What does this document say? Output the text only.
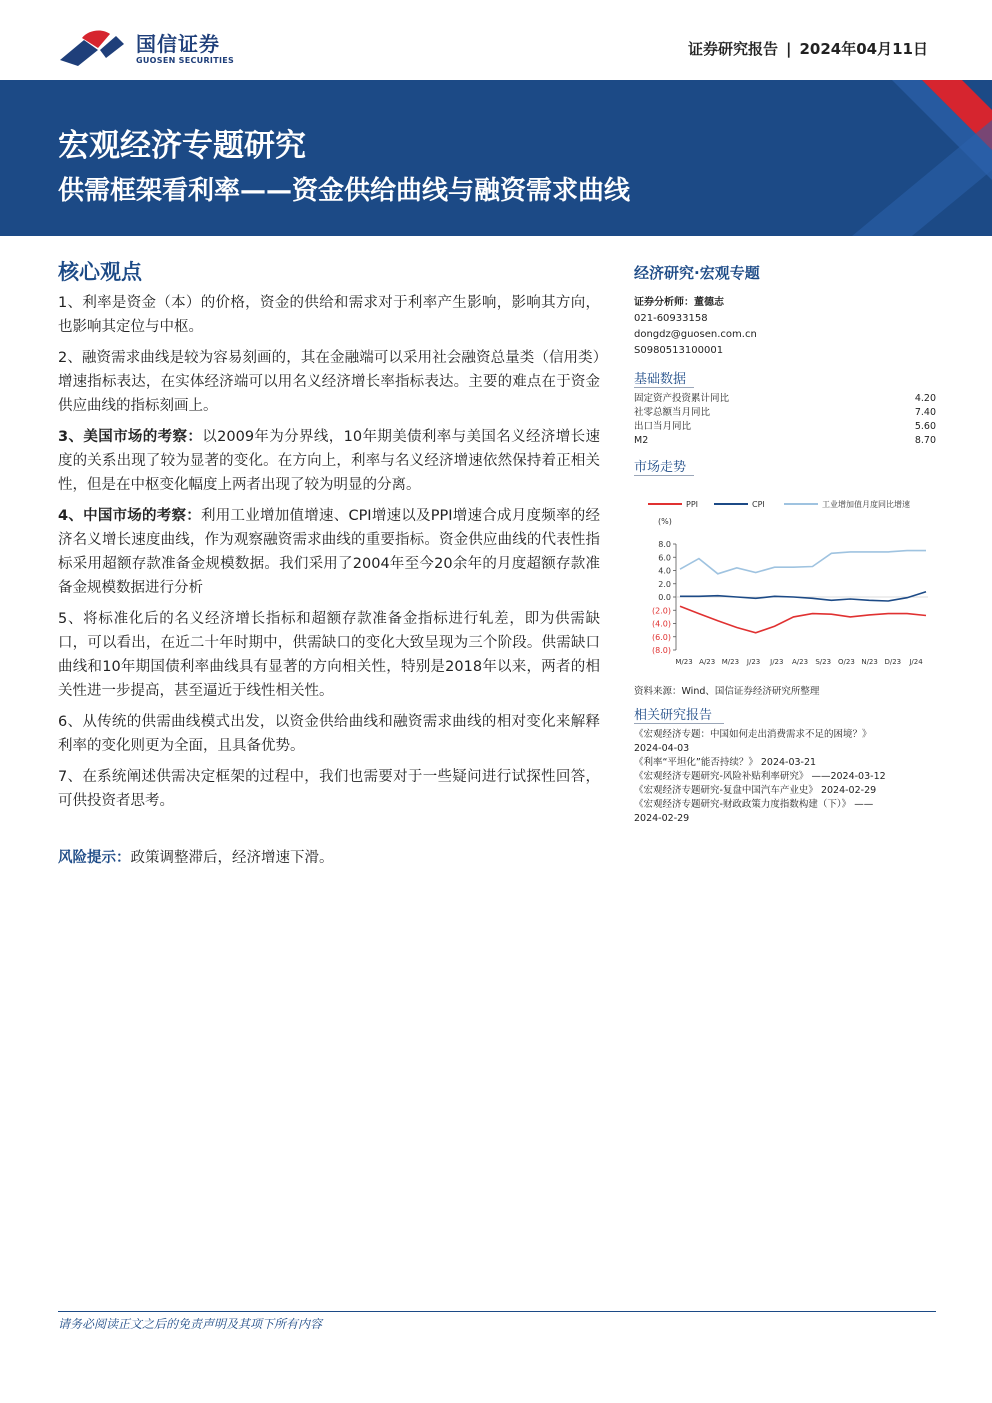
国信证券
GUOSEN SECURITIES
证券研究报告 | 2024年04月11日
宏观经济专题研究
供需框架看利率——资金供给曲线与融资需求曲线
核心观点
1、利率是资金（本）的价格，资金的供给和需求对于利率产生影响，影响其方向，也影响其定位与中枢。
2、融资需求曲线是较为容易刻画的，其在金融端可以采用社会融资总量类（信用类）增速指标表达，在实体经济端可以用名义经济增长率指标表达。主要的难点在于资金供应曲线的指标刻画上。
3、美国市场的考察：以2009年为分界线，10年期美债利率与美国名义经济增长速度的关系出现了较为显著的变化。在方向上，利率与名义经济增速依然保持着正相关性，但是在中枢变化幅度上两者出现了较为明显的分离。
4、中国市场的考察：利用工业增加值增速、CPI增速以及PPI增速合成月度频率的经济名义增长速度曲线，作为观察融资需求曲线的重要指标。资金供应曲线的代表性指标采用超额存款准备金规模数据。我们采用了2004年至今20余年的月度超额存款准备金规模数据进行分析
5、将标准化后的名义经济增长指标和超额存款准备金指标进行轧差，即为供需缺口，可以看出，在近二十年时期中，供需缺口的变化大致呈现为三个阶段。供需缺口曲线和10年期国债利率曲线具有显著的方向相关性，特别是2018年以来，两者的相关性进一步提高，甚至逼近于线性相关性。
6、从传统的供需曲线模式出发，以资金供给曲线和融资需求曲线的相对变化来解释利率的变化则更为全面，且具备优势。
7、在系统阐述供需决定框架的过程中，我们也需要对于一些疑问进行试探性回答，可供投资者思考。
风险提示：政策调整滞后，经济增速下滑。
经济研究·宏观专题
证券分析师：董德志
021-60933158
dongdz@guosen.com.cn
S0980513100001
基础数据
固定资产投资累计同比	4.20
社零总额当月同比	7.40
出口当月同比	5.60
M2	8.70
市场走势
PPI	CPI	工业增加值月度同比增速
(%)
8.0
6.0
4.0
2.0
0.0
(2.0)
(4.0)
(6.0)
(8.0)
M/23 A/23 M/23 J/23 J/23 A/23 S/23 O/23 N/23 D/23 J/24
资料来源：Wind、国信证券经济研究所整理
相关研究报告
《宏观经济专题：中国如何走出消费需求不足的困境？》
2024-04-03
《利率“平坦化”能否持续？》 2024-03-21
《宏观经济专题研究-风险补贴利率研究》 ——2024-03-12
《宏观经济专题研究-复盘中国汽车产业史》 2024-02-29
《宏观经济专题研究-财政政策力度指数构建（下）》 ——
2024-02-29
请务必阅读正文之后的免责声明及其项下所有内容
